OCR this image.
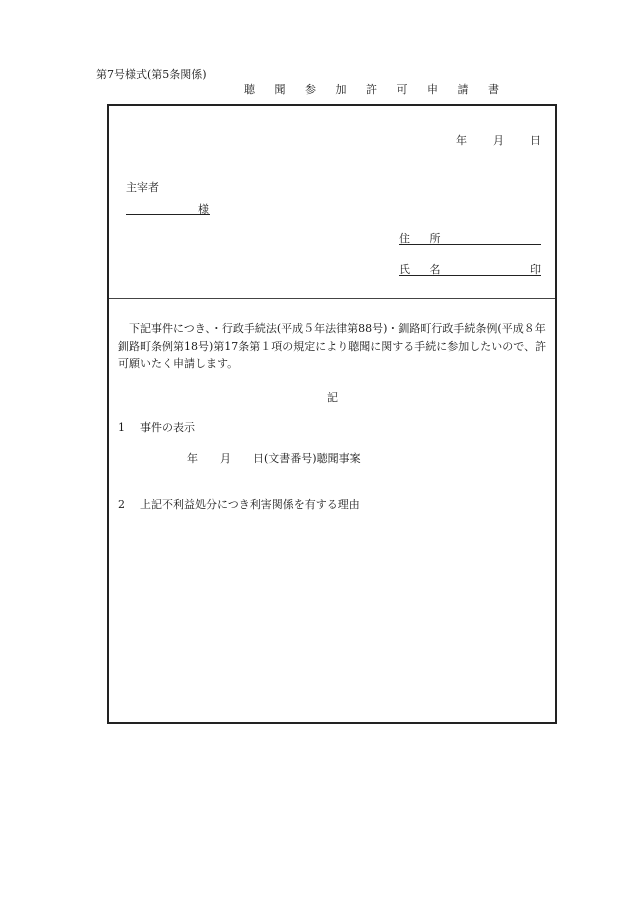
第7号様式(第5条関係)
聴 聞 参 加 許 可 申 請 書
年 月 日
主宰者
様
住 所
氏 名	印
下記事件につき、・行政手続法(平成５年法律第88号)・釧路町行政手続条例(平成８年釧路町条例第18号)第17条第１項の規定により聴聞に関する手続に参加したいので、許可願いたく申請します。
記
1 事件の表示
年 月 日(文書番号)聴聞事案
2 上記不利益処分につき利害関係を有する理由
